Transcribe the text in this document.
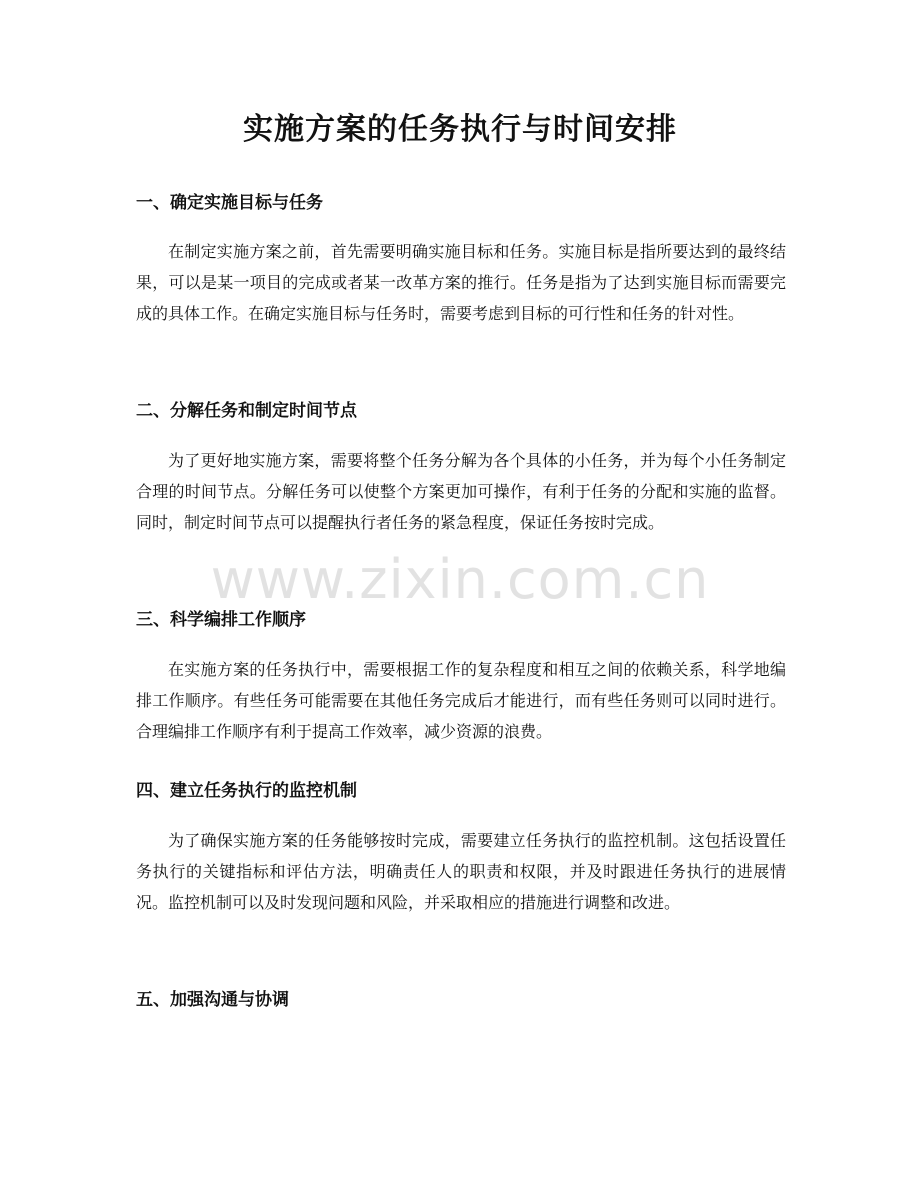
实施方案的任务执行与时间安排
一、确定实施目标与任务

在制定实施方案之前，首先需要明确实施目标和任务。实施目标是指所要达到的最终结果，可以是某一项目的完成或者某一改革方案的推行。任务是指为了达到实施目标而需要完成的具体工作。在确定实施目标与任务时，需要考虑到目标的可行性和任务的针对性。

二、分解任务和制定时间节点

为了更好地实施方案，需要将整个任务分解为各个具体的小任务，并为每个小任务制定合理的时间节点。分解任务可以使整个方案更加可操作，有利于任务的分配和实施的监督。同时，制定时间节点可以提醒执行者任务的紧急程度，保证任务按时完成。

三、科学编排工作顺序

在实施方案的任务执行中，需要根据工作的复杂程度和相互之间的依赖关系，科学地编排工作顺序。有些任务可能需要在其他任务完成后才能进行，而有些任务则可以同时进行。合理编排工作顺序有利于提高工作效率，减少资源的浪费。

四、建立任务执行的监控机制

为了确保实施方案的任务能够按时完成，需要建立任务执行的监控机制。这包括设置任务执行的关键指标和评估方法，明确责任人的职责和权限，并及时跟进任务执行的进展情况。监控机制可以及时发现问题和风险，并采取相应的措施进行调整和改进。

五、加强沟通与协调
www.zixin.com.cn
